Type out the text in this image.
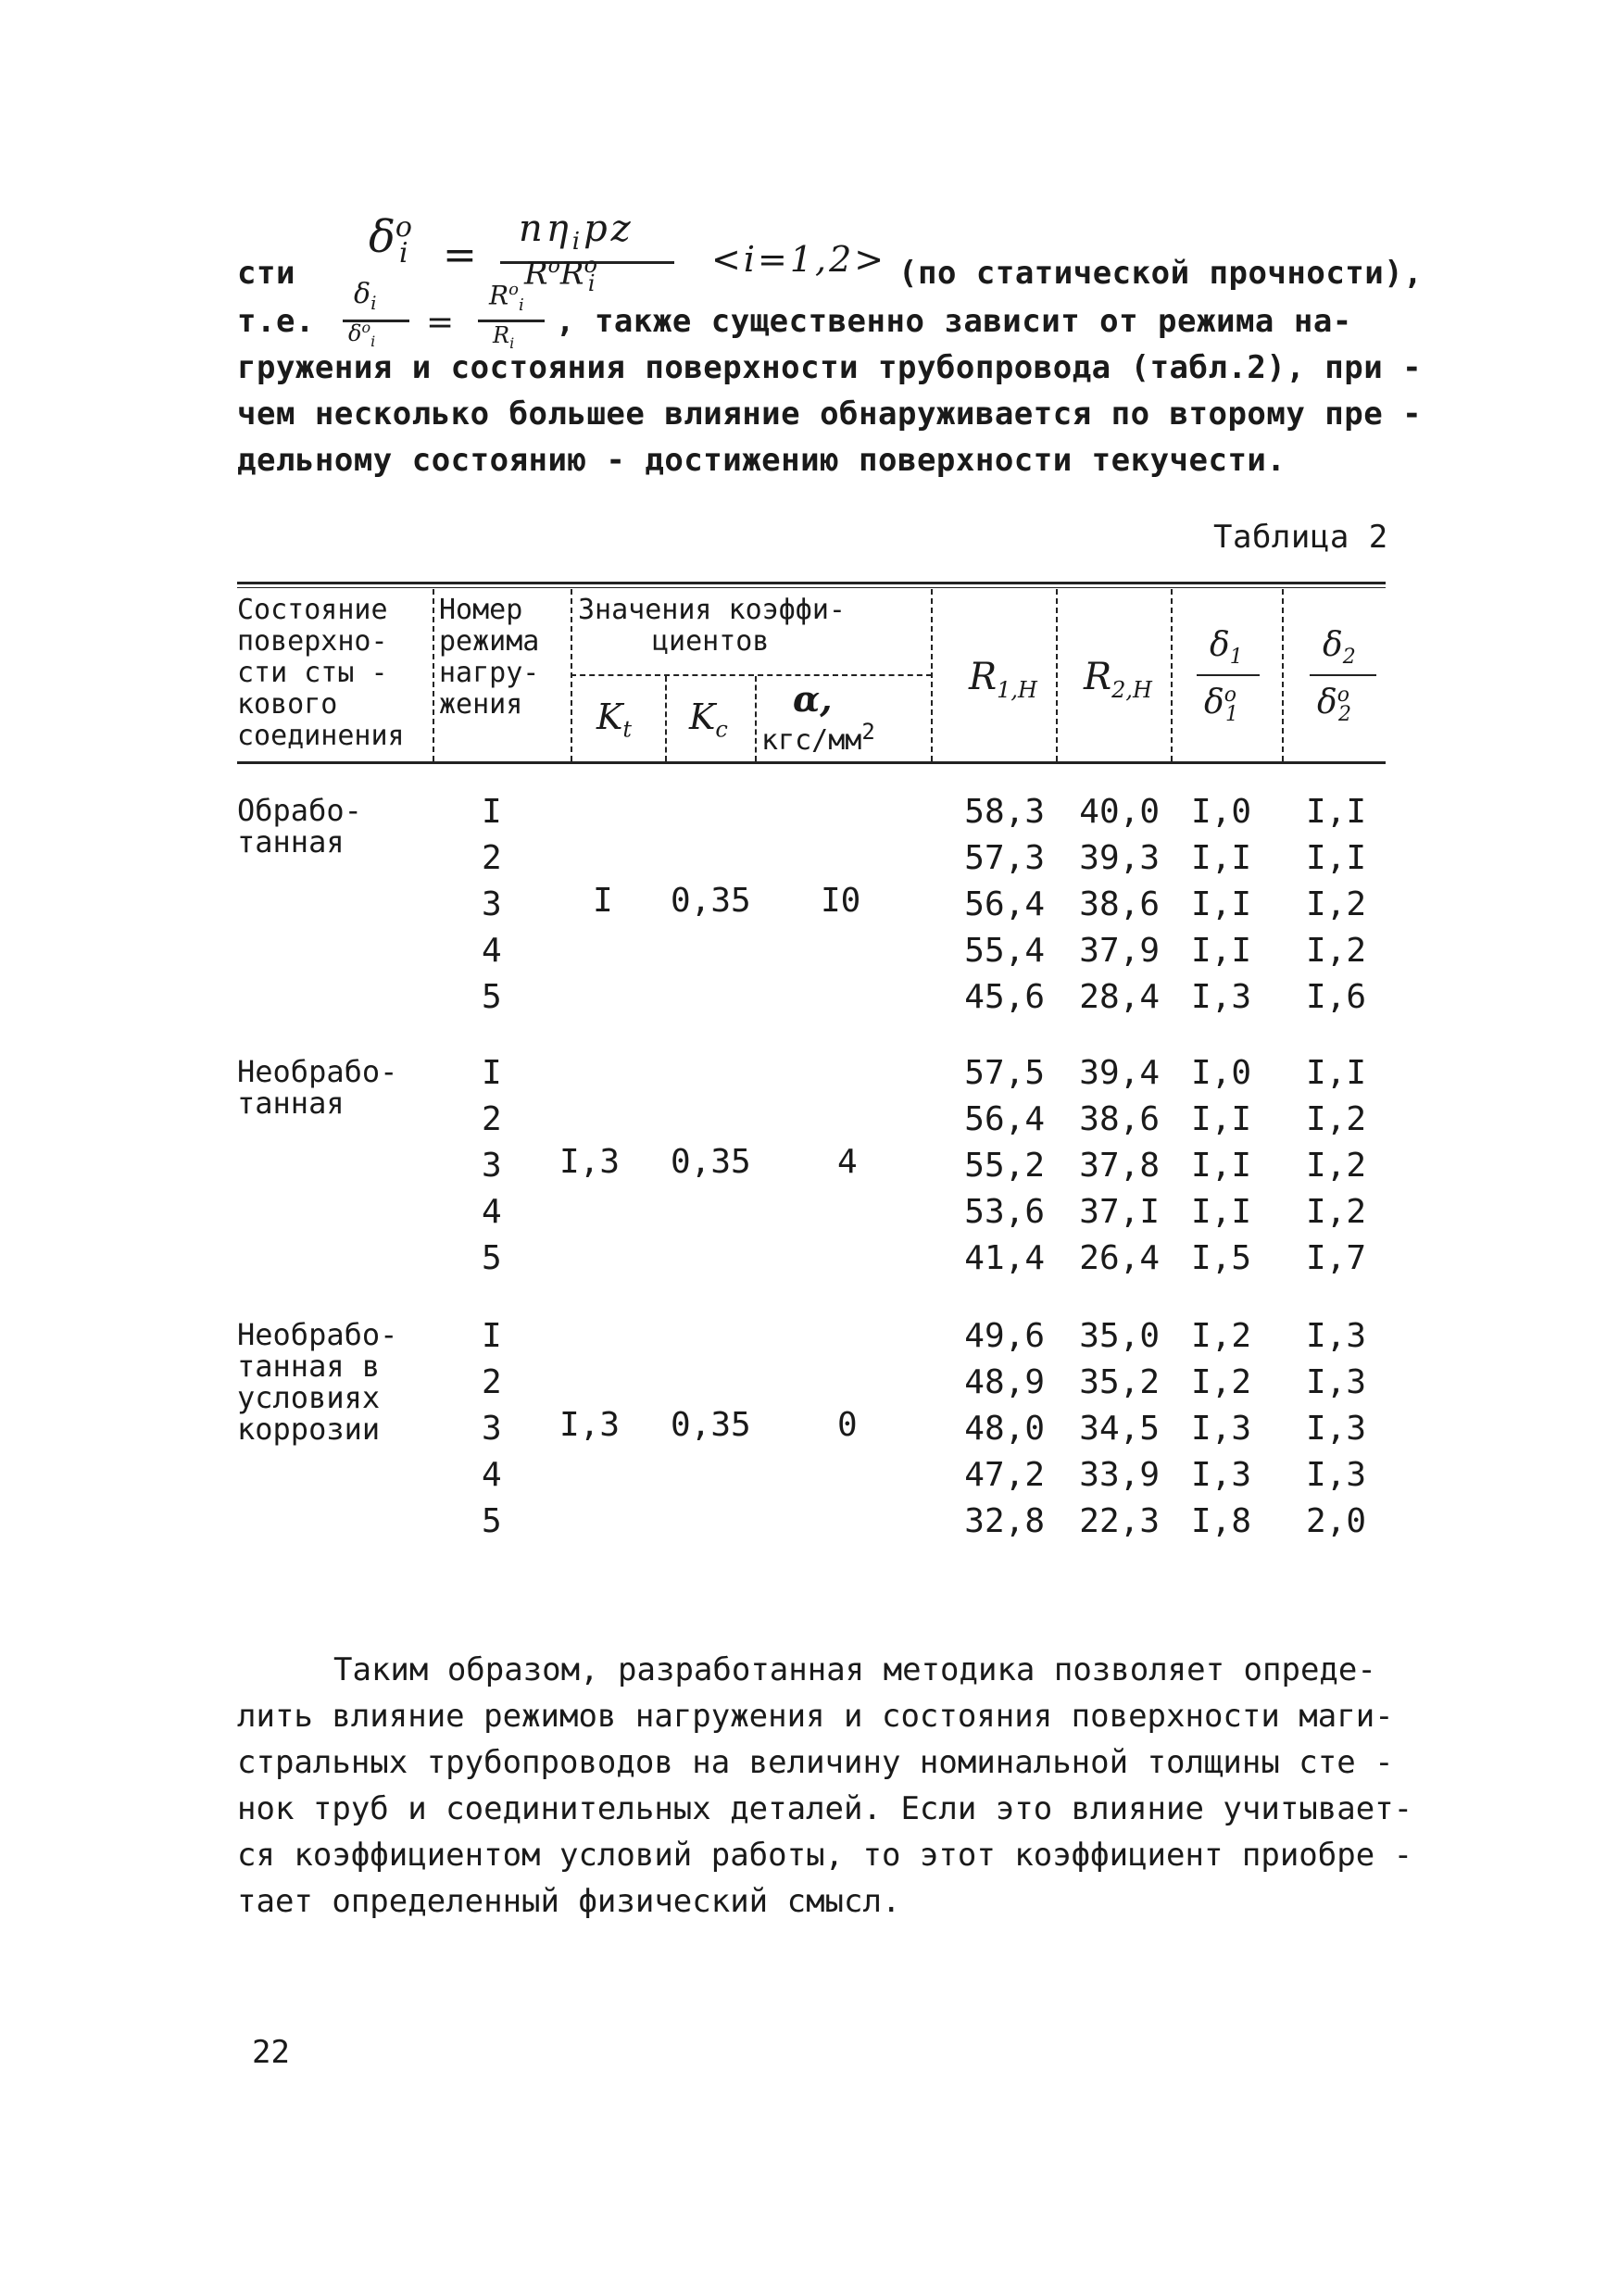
сти
$\delta^o_i$ =
$n\eta_ipz$
$R^oR^o_i$
<i=1,2> (по статической прочности),
т.е.
$\delta_i$
$\delta^o_i$ =
$R^o_i$
$R_i$
, также существенно зависит от режима на-
гружения и состояния поверхности трубопровода (табл.2), при -
чем несколько большее влияние обнаруживается по второму пре -
дельному состоянию - достижению поверхности текучести.
Таблица 2
Состояние
поверхно-
сти сты -
кового
соединения
Номер
режима
нагру-
жения
Значения коэффи-
циентов
$K_t$ $K_c$
α,
кгс/$мм^2$
$R_{1,H}$ $R_{2,H}$
$\delta_1$
$\delta^o_1$
$\delta_2$
$\delta^o_2$
Обрабо-
танная
I
2
3
4
5
I 0,35 I0
58,3
57,3
56,4
55,4
45,6
40,0
39,3
38,6
37,9
28,4
I,0
I,I
I,I
I,I
I,3
I,I
I,I
I,2
I,2
I,6
Необрабо-
танная
I
2
3
4
5
I,3 0,35	4
57,5
56,4
55,2
53,6
41,4
39,4
38,6
37,8
37,I
26,4
I,0
I,I
I,I
I,I
I,5
I,I
I,2
I,2
I,2
I,7
Необрабо-
танная в
условиях
коррозии
I
2
3
4
5
I,3 0,35	0
49,6
48,9
48,0
47,2
32,8
35,0
35,2
34,5
33,9
22,3
I,2
I,2
I,3
I,3
I,8
I,3
I,3
I,3
I,3
2,0
Таким образом, разработанная методика позволяет опреде-
лить влияние режимов нагружения и состояния поверхности маги-
стральных трубопроводов на величину номинальной толщины сте -
нок труб и соединительных деталей. Если это влияние учитывает-
ся коэффициентом условий работы, то этот коэффициент приобре -
тает определенный физический смысл.
22
